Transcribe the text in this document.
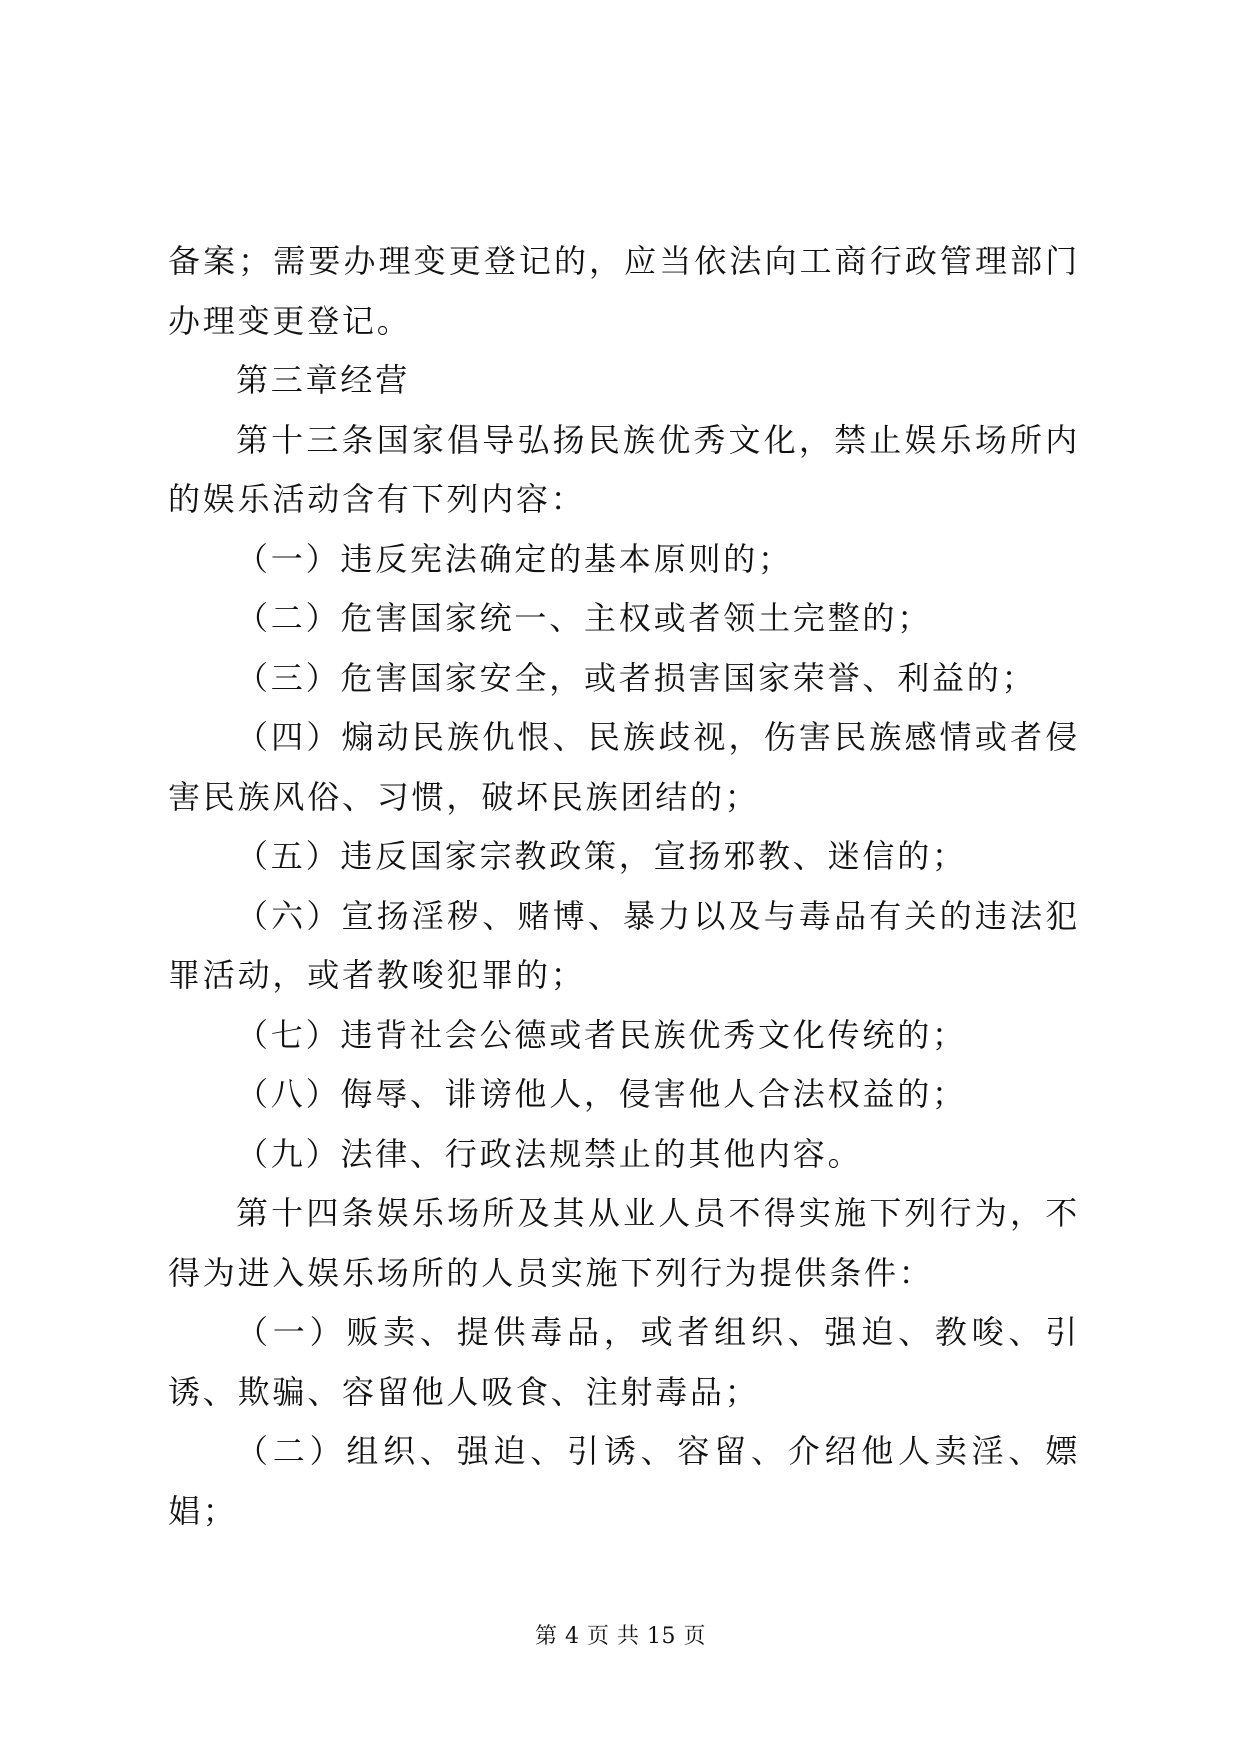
备案；需要办理变更登记的，应当依法向工商行政管理部门办理变更登记。

第三章经营

第十三条国家倡导弘扬民族优秀文化，禁止娱乐场所内的娱乐活动含有下列内容：

（一）违反宪法确定的基本原则的；

（二）危害国家统一、主权或者领土完整的；

（三）危害国家安全，或者损害国家荣誉、利益的；

（四）煽动民族仇恨、民族歧视，伤害民族感情或者侵害民族风俗、习惯，破坏民族团结的；

（五）违反国家宗教政策，宣扬邪教、迷信的；

（六）宣扬淫秽、赌博、暴力以及与毒品有关的违法犯罪活动，或者教唆犯罪的；

（七）违背社会公德或者民族优秀文化传统的；

（八）侮辱、诽谤他人，侵害他人合法权益的；

（九）法律、行政法规禁止的其他内容。

第十四条娱乐场所及其从业人员不得实施下列行为，不得为进入娱乐场所的人员实施下列行为提供条件：

（一）贩卖、提供毒品，或者组织、强迫、教唆、引诱、欺骗、容留他人吸食、注射毒品；

（二）组织、强迫、引诱、容留、介绍他人卖淫、嫖娼；

第 4 页 共 15 页
